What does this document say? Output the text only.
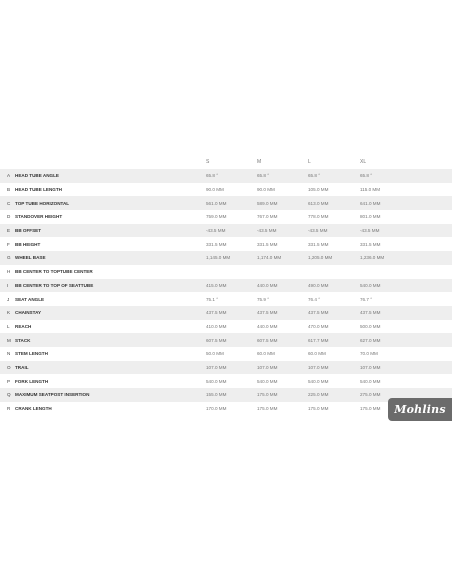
		S	M	L	XL
A	HEAD TUBE ANGLE	65.8 °	65.8 °	65.8 °	65.8 °
B	HEAD TUBE LENGTH	90.0 MM	90.0 MM	105.0 MM	115.0 MM
C	TOP TUBE HORIZONTAL	561.0 MM	589.0 MM	613.0 MM	641.0 MM
D	STANDOVER HEIGHT	759.0 MM	767.0 MM	778.0 MM	801.0 MM
E	BB OFFSET	-43.5 MM	-43.5 MM	-43.5 MM	-43.5 MM
F	BB HEIGHT	331.5 MM	331.5 MM	331.5 MM	331.5 MM
G	WHEEL BASE	1,145.0 MM	1,174.0 MM	1,205.0 MM	1,236.0 MM
H	BB CENTER TO TOPTUBE CENTER				
I	BB CENTER TO TOP OF SEATTUBE	415.0 MM	440.0 MM	490.0 MM	540.0 MM
J	SEAT ANGLE	75.1 °	75.9 °	76.4 °	76.7 °
K	CHAINSTAY	437.5 MM	437.5 MM	437.5 MM	437.5 MM
L	REACH	410.0 MM	440.0 MM	470.0 MM	500.0 MM
M	STACK	607.5 MM	607.5 MM	617.7 MM	627.0 MM
N	STEM LENGTH	50.0 MM	60.0 MM	60.0 MM	70.0 MM
O	TRAIL	107.0 MM	107.0 MM	107.0 MM	107.0 MM
P	FORK LENGTH	540.0 MM	540.0 MM	540.0 MM	540.0 MM
Q	MAXIMUM SEATPOST INSERTION	155.0 MM	175.0 MM	225.0 MM	275.0 MM
R	CRANK LENGTH	170.0 MM	175.0 MM	175.0 MM	175.0 MM Mohlins
